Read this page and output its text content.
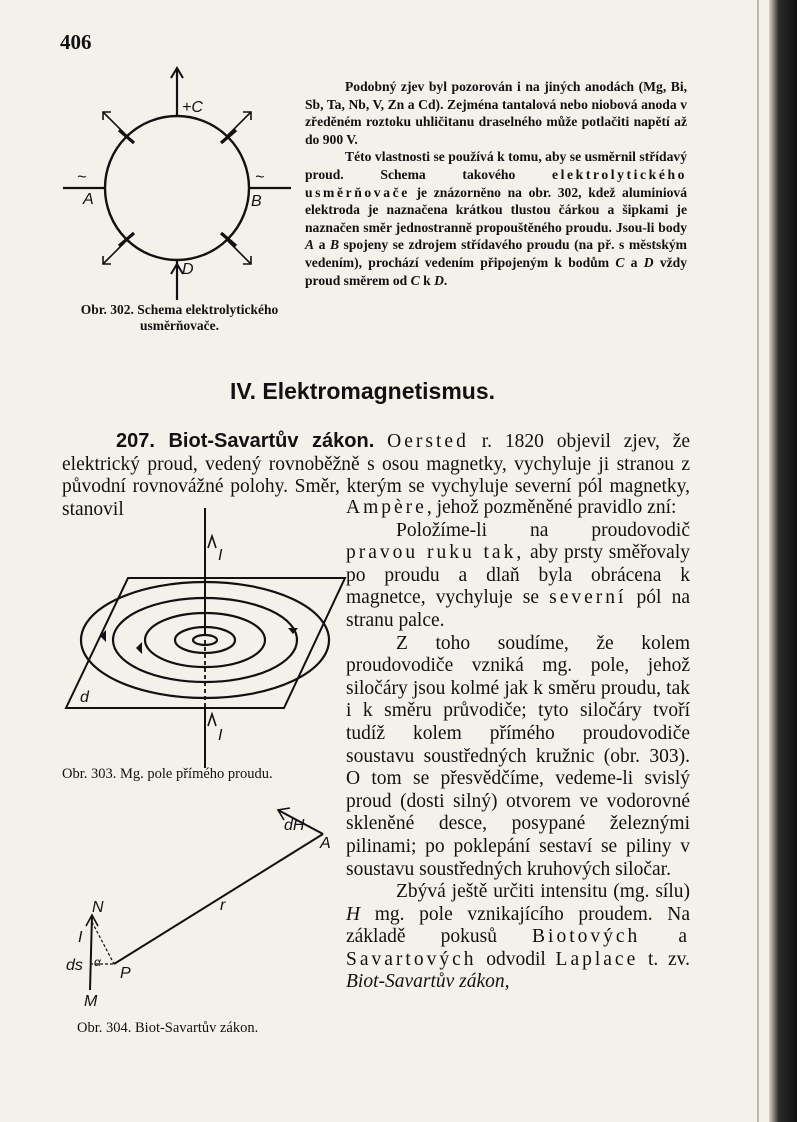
406
+C
A	B
D
~	~
Obr. 302. Schema elektrolytického usměrňovače.

Podobný zjev byl pozorován i na jiných anodách (Mg, Bi, Sb, Ta, Nb, V, Zn a Cd). Zejména tantalová nebo niobová anoda v zředěném roztoku uhličitanu draselného může potlačiti napětí až do 900 V.

Této vlastnosti se používá k tomu, aby se usměrnil střídavý proud. Schema takového	elektrolytického usměrňovače je znázorněno na obr. 302, kdež aluminiová elektroda je naznačena krátkou tlustou čárkou a šipkami je naznačen směr jednostranně propouštěného proudu. Jsou-li body A a B spojeny se zdrojem střídavého proudu (na př. s městským vedením), prochází vedením připojeným k bodům C a D vždy proud směrem od C k D.

IV. Elektromagnetismus.
207. Biot-Savartův zákon. Oersted r. 1820 objevil zjev, že elektrický proud, vedený rovnoběžně s osou magnetky, vychyluje ji stranou z původní rovnovážné polohy. Směr, kterým se vychyluje severní pól magnetky, stanovil	Ampère, jehož pozměněné pravidlo zní:

Položíme-li na proudovodič pravou ruku tak, aby prsty směřovaly po proudu a dlaň byla obrácena k magnetce, vychyluje se severní pól na stranu palce.

Z toho soudíme, že kolem proudovodiče vzniká mg. pole, jehož siločáry jsou kolmé jak k směru proudu, tak i k směru průvodiče; tyto siločáry tvoří tudíž kolem přímého proudovodiče soustavu soustředných kružnic (obr. 303). O tom se přesvědčíme, vedeme-li svislý proud (dosti silný) otvorem ve vodorovné skleněné desce, posypané železnými pilinami; po poklepání sestaví se piliny v soustavu soustředných kruhových siločar.

Zbývá ještě určiti intensitu (mg. sílu) H mg. pole vznikajícího proudem. Na základě pokusů Biotových a Savartových odvodil Laplace t. zv. Biot-Savartův zákon,

I
I
d
Obr. 303. Mg. pole přímého proudu.
dH
A
r
N
I
ds α
P
M
Obr. 304. Biot-Savartův zákon.
